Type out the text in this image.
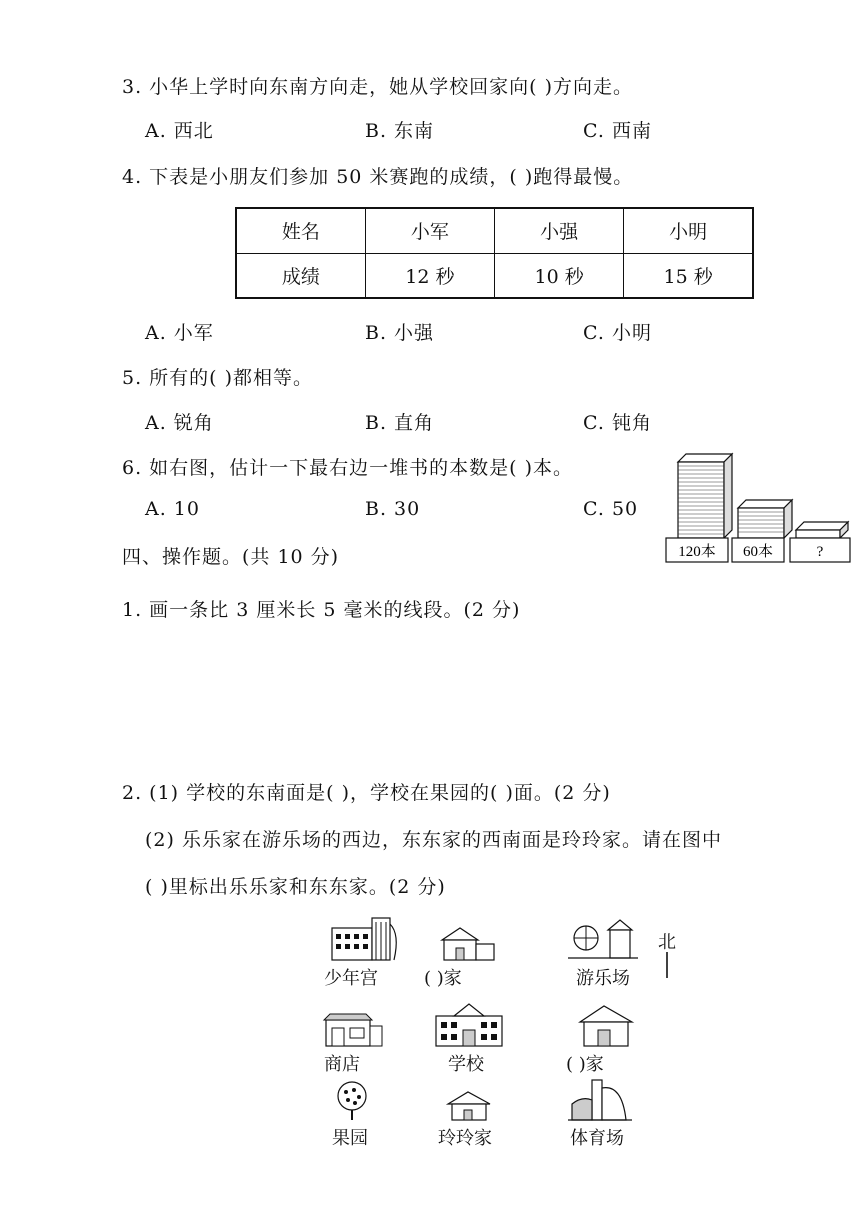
3. 小华上学时向东南方向走，她从学校回家向( )方向走。
A. 西北	B. 东南	C. 西南
4. 下表是小朋友们参加 50 米赛跑的成绩，( )跑得最慢。
姓名	小军	小强	小明
成绩	12 秒	10 秒	15 秒
A. 小军	B. 小强	C. 小明
5. 所有的( )都相等。
A. 锐角	B. 直角	C. 钝角
6. 如右图，估计一下最右边一堆书的本数是( )本。
A. 10	B. 30	C. 50
120本 60本	?
四、操作题。(共 10 分)
1. 画一条比 3 厘米长 5 毫米的线段。(2 分)
2. (1) 学校的东南面是( )，学校在果园的( )面。(2 分)
(2) 乐乐家在游乐场的西边，东东家的西南面是玲玲家。请在图中
( )里标出乐乐家和东东家。(2 分)
少年宫	( )家	游乐场
北
商店	学校	( )家
果园	玲玲家	体育场
